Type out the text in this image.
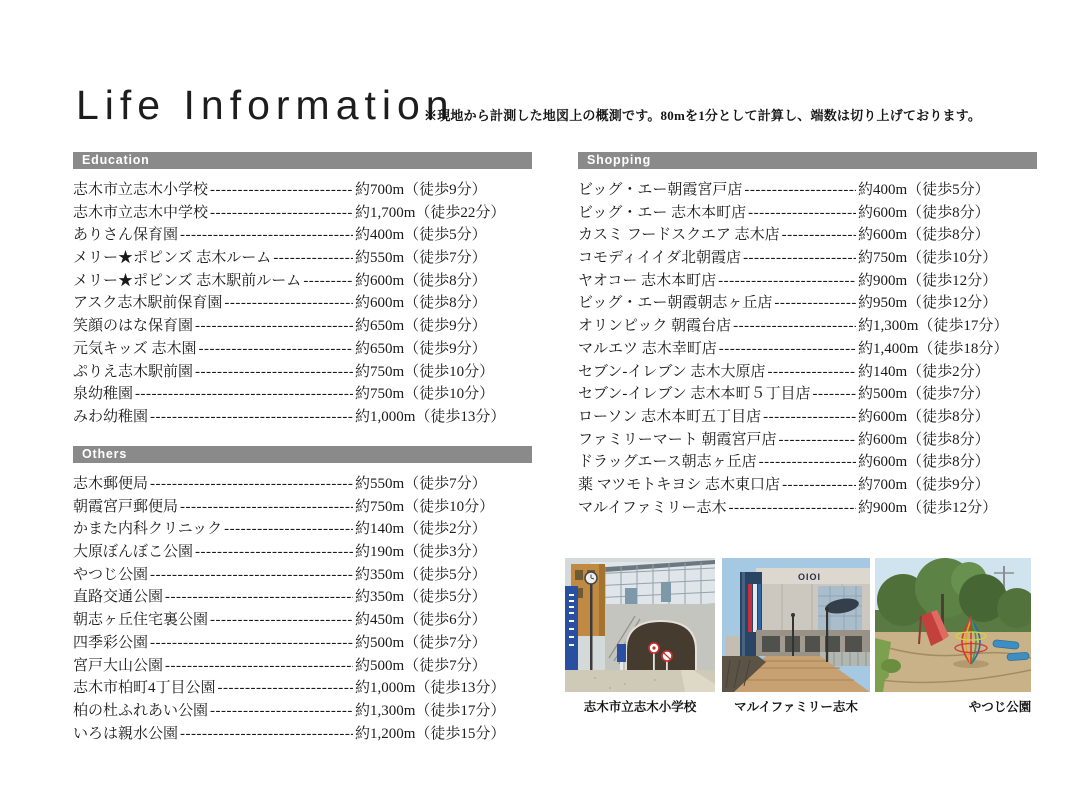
Life Information
※現地から計測した地図上の概測です。80mを1分として計算し、端数は切り上げております。
Education
志木市立志木小学校 -----	約700m（徒歩9分）
志木市立志木中学校 -----	約1,700m（徒歩22分）
ありさん保育園 -----	約400m（徒歩5分）
メリー★ポピンズ 志木ルーム -----	約550m（徒歩7分）
メリー★ポピンズ 志木駅前ルーム -----	約600m（徒歩8分）
アスク志木駅前保育園 -----	約600m（徒歩8分）
笑顔のはな保育園 -----	約650m（徒歩9分）
元気キッズ 志木園 -----	約650m（徒歩9分）
ぷりえ志木駅前園 -----	約750m（徒歩10分）
泉幼稚園 -----	約750m（徒歩10分）
みわ幼稚園 -----	約1,000m（徒歩13分）
Others
志木郵便局 -----	約550m（徒歩7分）
朝霞宮戸郵便局 -----	約750m（徒歩10分）
かまた内科クリニック -----	約140m（徒歩2分）
大原ぼんぼこ公園 -----	約190m（徒歩3分）
やつじ公園 -----	約350m（徒歩5分）
直路交通公園 -----	約350m（徒歩5分）
朝志ヶ丘住宅裏公園 -----	約450m（徒歩6分）
四季彩公園 -----	約500m（徒歩7分）
宮戸大山公園 -----	約500m（徒歩7分）
志木市柏町4丁目公園 -----	約1,000m（徒歩13分）
柏の杜ふれあい公園 -----	約1,300m（徒歩17分）
いろは親水公園 -----	約1,200m（徒歩15分）
Shopping
ビッグ・エー朝霞宮戸店 -----	約400m（徒歩5分）
ビッグ・エー 志木本町店 -----	約600m（徒歩8分）
カスミ フードスクエア 志木店 -----	約600m（徒歩8分）
コモディイイダ北朝霞店 -----	約750m（徒歩10分）
ヤオコー 志木本町店 -----	約900m（徒歩12分）
ビッグ・エー朝霞朝志ヶ丘店 -----	約950m（徒歩12分）
オリンピック 朝霞台店 -----	約1,300m（徒歩17分）
マルエツ 志木幸町店 -----	約1,400m（徒歩18分）
セブン-イレブン 志木大原店 -----	約140m（徒歩2分）
セブン-イレブン 志木本町５丁目店 -----	約500m（徒歩7分）
ローソン 志木本町五丁目店 -----	約600m（徒歩8分）
ファミリーマート 朝霞宮戸店 -----	約600m（徒歩8分）
ドラッグエース朝志ヶ丘店 -----	約600m（徒歩8分）
薬 マツモトキヨシ 志木東口店 -----	約700m（徒歩9分）
マルイファミリー志木 -----	約900m（徒歩12分）
OIOI
志木市立志木小学校	マルイファミリー志木	やつじ公園
